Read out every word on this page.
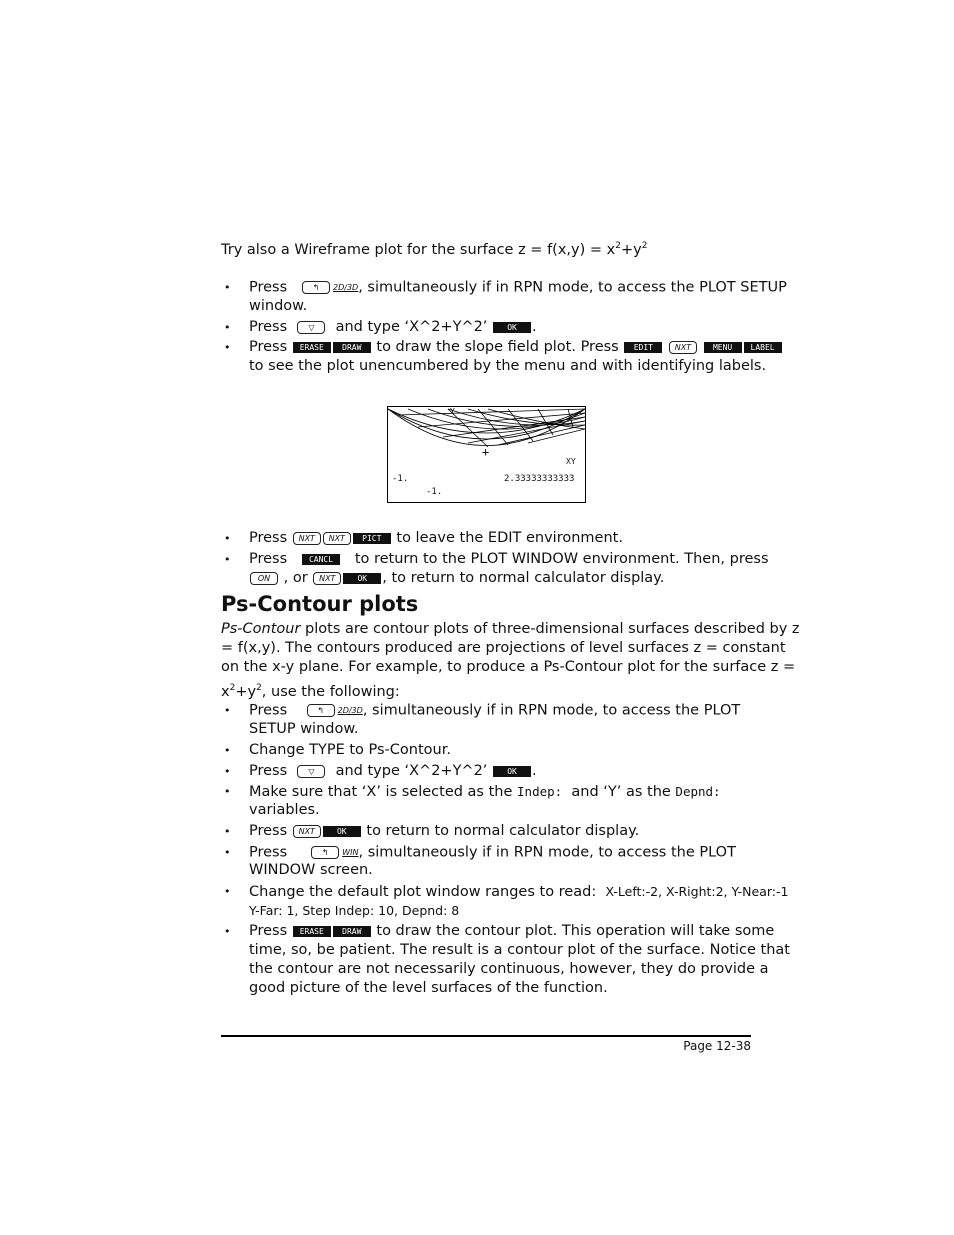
Try also a Wireframe plot for the surface $z = f(x,y) = x^2+y^2$
• Press	↰ 2D/3D, simultaneously if in RPN mode, to access the PLOT SETUP
window.
• Press	▽ and type ‘X^2+Y^2’ OK .
• Press ERASE DRAW to draw the slope field plot. Press EDIT	NXT	MENU LABEL
to see the plot unencumbered by the menu and with identifying labels.
Y
+
XY
-1.	2.33333333333
-1.
• Press NXT NXT PICT to leave the EDIT environment.
• Press	CANCL to return to the PLOT WINDOW environment. Then, press
ON , or NXT	OK , to return to normal calculator display.
Ps-Contour plots
Ps-Contour plots are contour plots of three-dimensional surfaces described by z
= f(x,y). The contours produced are projections of level surfaces z = constant
on the x-y plane. For example, to produce a Ps-Contour plot for the surface z =
$x^2+y^2$, use the following:
• Press	↰ 2D/3D, simultaneously if in RPN mode, to access the PLOT
SETUP window.
• Change TYPE to Ps-Contour.
• Press	▽ and type ‘X^2+Y^2’ OK .
• Make sure that ‘X’ is selected as the Indep: and ‘Y’ as the Depnd:
variables.
• Press NXT	OK to return to normal calculator display.
• Press	↰ WIN, simultaneously if in RPN mode, to access the PLOT
WINDOW screen.
• Change the default plot window ranges to read: X-Left:-2, X-Right:2, Y-Near:-1
Y-Far: 1, Step Indep: 10, Depnd: 8
• Press ERASE DRAW to draw the contour plot. This operation will take some
time, so, be patient. The result is a contour plot of the surface. Notice that
the contour are not necessarily continuous, however, they do provide a
good picture of the level surfaces of the function.
Page 12-38
